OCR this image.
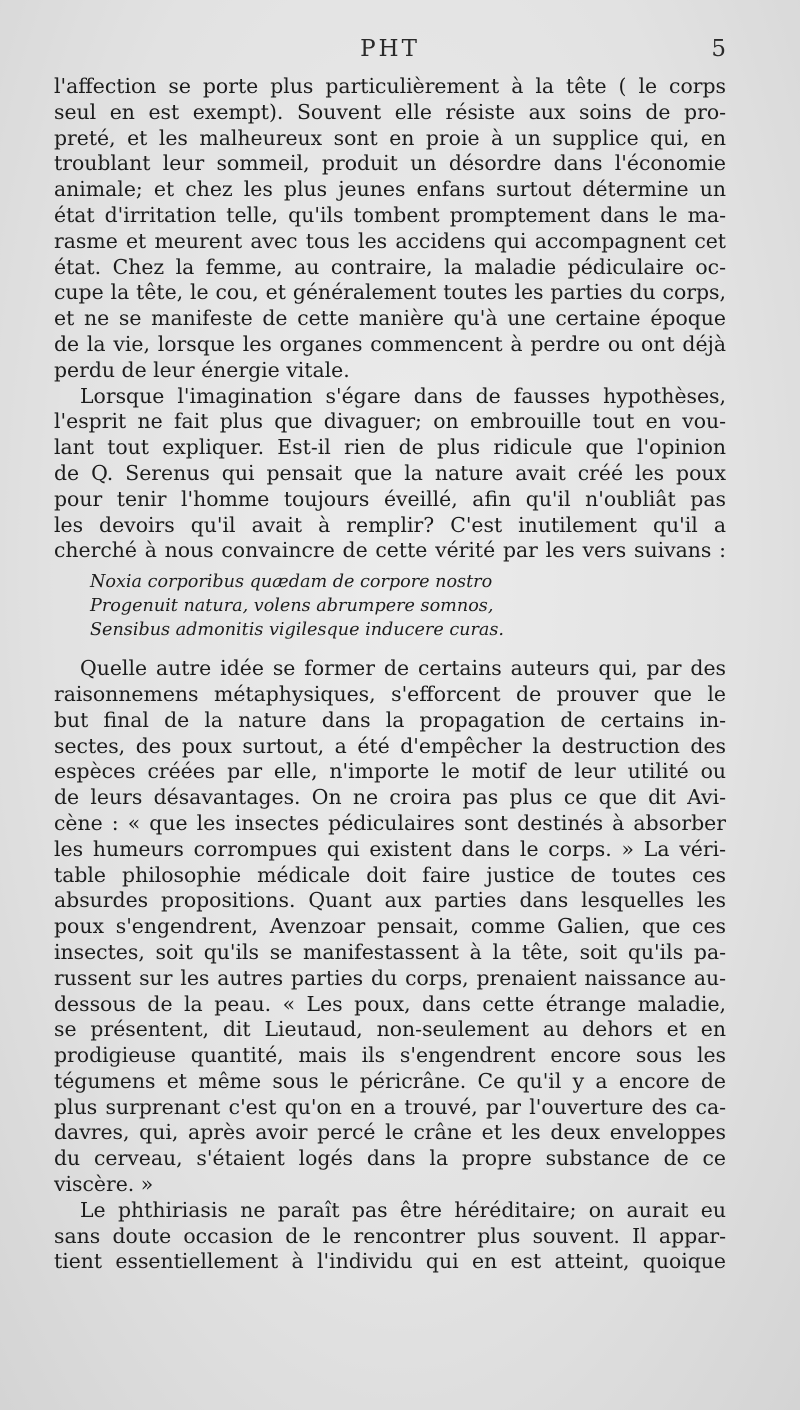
PHT	5
l'affection se porte plus particulièrement à la tête ( le corps
seul en est exempt). Souvent elle résiste aux soins de pro-
preté, et les malheureux sont en proie à un supplice qui, en
troublant leur sommeil, produit un désordre dans l'économie
animale; et chez les plus jeunes enfans surtout détermine un
état d'irritation telle, qu'ils tombent promptement dans le ma-
rasme et meurent avec tous les accidens qui accompagnent cet
état. Chez la femme, au contraire, la maladie pédiculaire oc-
cupe la tête, le cou, et généralement toutes les parties du corps,
et ne se manifeste de cette manière qu'à une certaine époque
de la vie, lorsque les organes commencent à perdre ou ont déjà
perdu de leur énergie vitale.
Lorsque l'imagination s'égare dans de fausses hypothèses,
l'esprit ne fait plus que divaguer; on embrouille tout en vou-
lant tout expliquer. Est-il rien de plus ridicule que l'opinion
de Q. Serenus qui pensait que la nature avait créé les poux
pour tenir l'homme toujours éveillé, afin qu'il n'oubliât pas
les devoirs qu'il avait à remplir? C'est inutilement qu'il a
cherché à nous convaincre de cette vérité par les vers suivans :
Noxia corporibus quædam de corpore nostro
Progenuit natura, volens abrumpere somnos,
Sensibus admonitis vigilesque inducere curas.
Quelle autre idée se former de certains auteurs qui, par des
raisonnemens métaphysiques, s'efforcent de prouver que le
but final de la nature dans la propagation de certains in-
sectes, des poux surtout, a été d'empêcher la destruction des
espèces créées par elle, n'importe le motif de leur utilité ou
de leurs désavantages. On ne croira pas plus ce que dit Avi-
cène : « que les insectes pédiculaires sont destinés à absorber
les humeurs corrompues qui existent dans le corps. » La véri-
table philosophie médicale doit faire justice de toutes ces
absurdes propositions. Quant aux parties dans lesquelles les
poux s'engendrent, Avenzoar pensait, comme Galien, que ces
insectes, soit qu'ils se manifestassent à la tête, soit qu'ils pa-
russent sur les autres parties du corps, prenaient naissance au-
dessous de la peau. « Les poux, dans cette étrange maladie,
se présentent, dit Lieutaud, non-seulement au dehors et en
prodigieuse quantité, mais ils s'engendrent encore sous les
tégumens et même sous le péricrâne. Ce qu'il y a encore de
plus surprenant c'est qu'on en a trouvé, par l'ouverture des ca-
davres, qui, après avoir percé le crâne et les deux enveloppes
du cerveau, s'étaient logés dans la propre substance de ce
viscère. »
Le phthiriasis ne paraît pas être héréditaire; on aurait eu
sans doute occasion de le rencontrer plus souvent. Il appar-
tient essentiellement à l'individu qui en est atteint, quoique
